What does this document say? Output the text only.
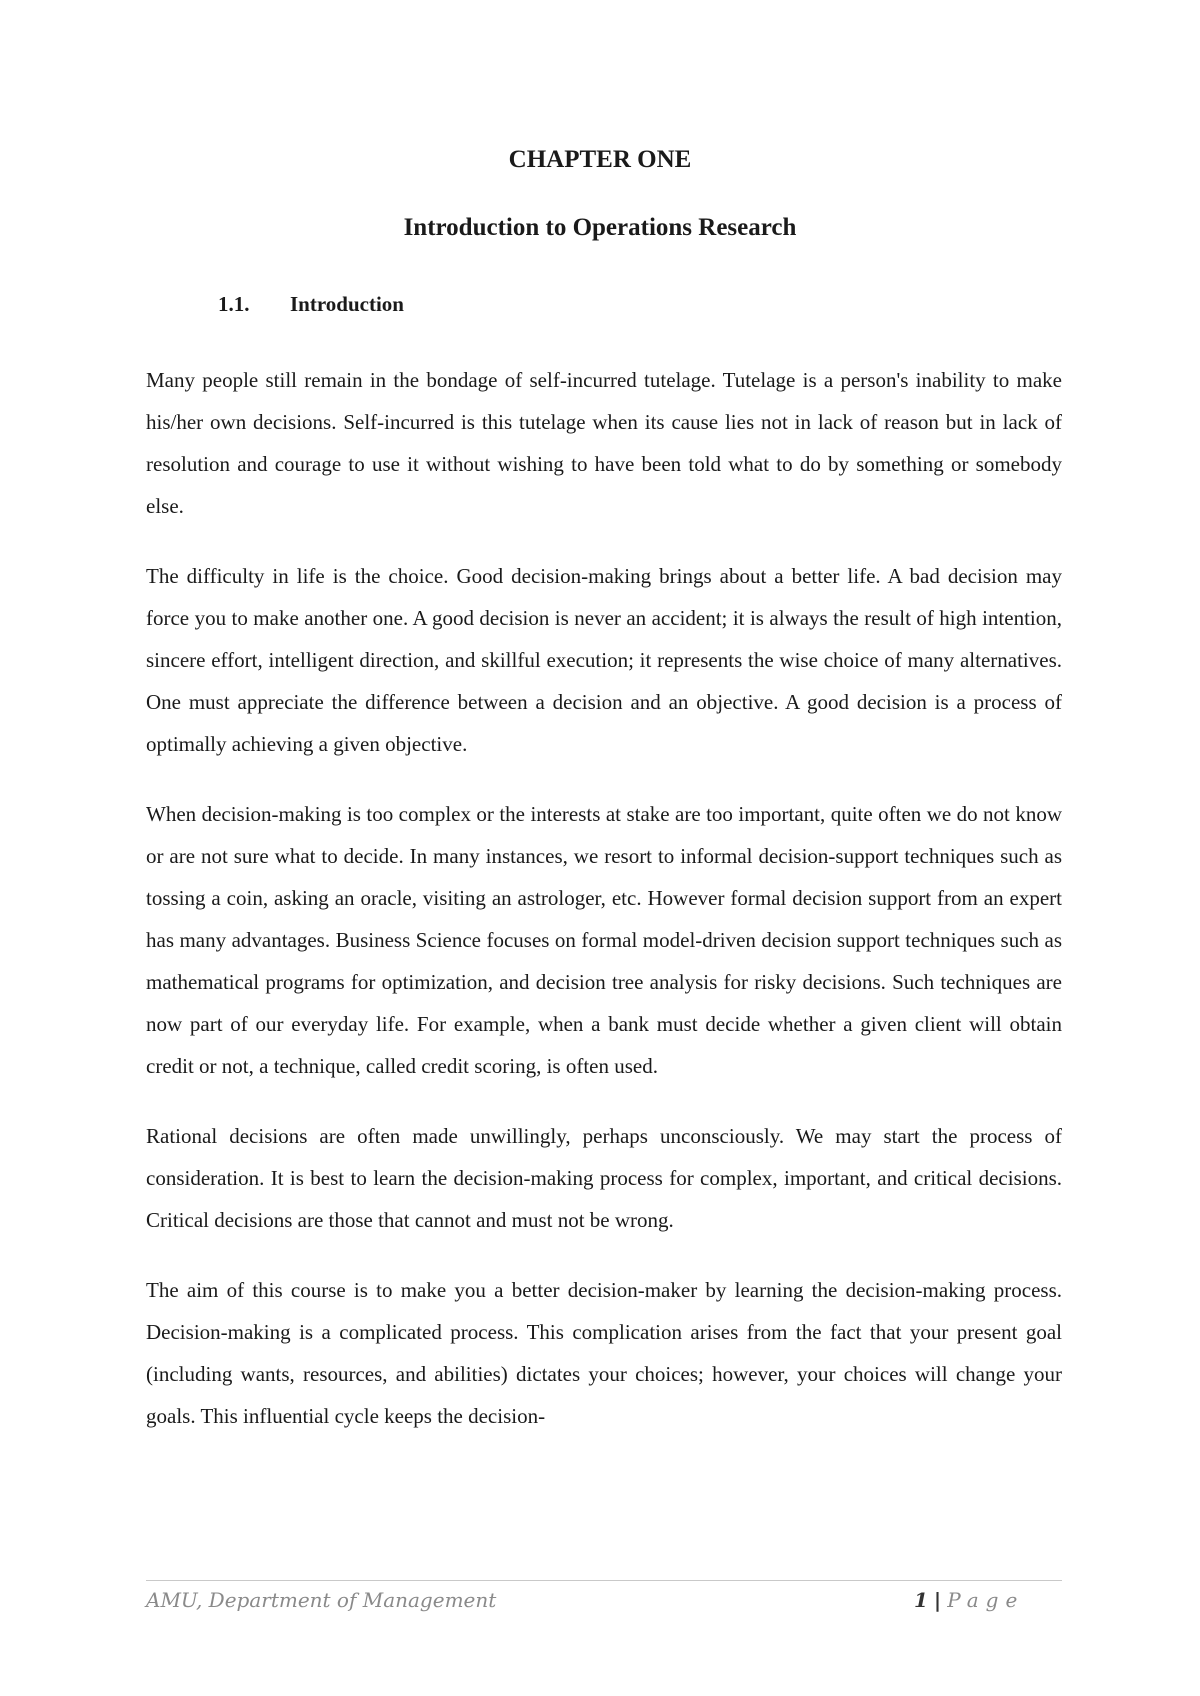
CHAPTER ONE
Introduction to Operations Research
1.1. Introduction

Many people still remain in the bondage of self-incurred tutelage. Tutelage is a person's inability to make his/her own decisions. Self-incurred is this tutelage when its cause lies not in lack of reason but in lack of resolution and courage to use it without wishing to have been told what to do by something or somebody else.

The difficulty in life is the choice. Good decision-making brings about a better life. A bad decision may force you to make another one. A good decision is never an accident; it is always the result of high intention, sincere effort, intelligent direction, and skillful execution; it represents the wise choice of many alternatives. One must appreciate the difference between a decision and an objective. A good decision is a process of optimally achieving a given objective.

When decision-making is too complex or the interests at stake are too important, quite often we do not know or are not sure what to decide. In many instances, we resort to informal decision-support techniques such as tossing a coin, asking an oracle, visiting an astrologer, etc. However formal decision support from an expert has many advantages. Business Science focuses on formal model-driven decision support techniques such as mathematical programs for optimization, and decision tree analysis for risky decisions. Such techniques are now part of our everyday life. For example, when a bank must decide whether a given client will obtain credit or not, a technique, called credit scoring, is often used.

Rational decisions are often made unwillingly, perhaps unconsciously. We may start the process of consideration. It is best to learn the decision-making process for complex, important, and critical decisions. Critical decisions are those that cannot and must not be wrong.

The aim of this course is to make you a better decision-maker by learning the decision-making process. Decision-making is a complicated process. This complication arises from the fact that your present goal (including wants, resources, and abilities) dictates your choices; however, your choices will change your goals. This influential cycle keeps the decision-

AMU, Department of Management	1 | Page
